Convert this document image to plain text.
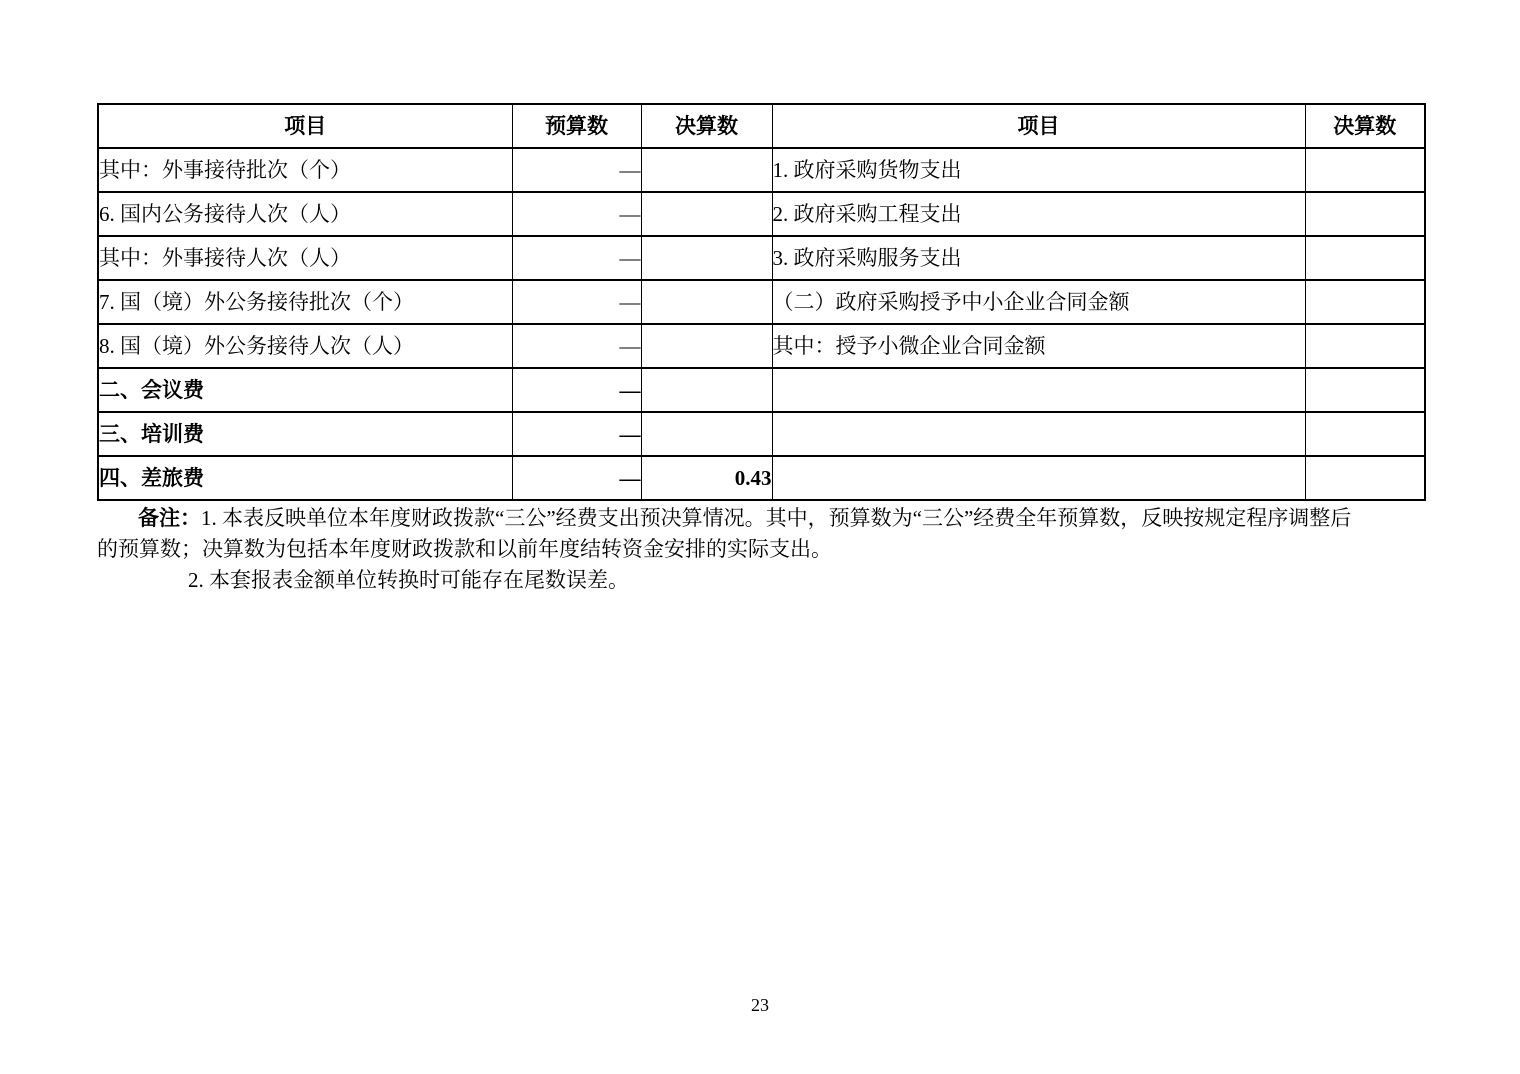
项目	预算数	决算数	项目	决算数
其中：外事接待批次（个）	—		1. 政府采购货物支出	
6. 国内公务接待人次（人）	—		2. 政府采购工程支出	
其中：外事接待人次（人）	—		3. 政府采购服务支出	
7. 国（境）外公务接待批次（个）	—		（二）政府采购授予中小企业合同金额	
8. 国（境）外公务接待人次（人）	—		其中：授予小微企业合同金额	
二、会议费	—			
三、培训费	—			
四、差旅费	—	0.43		
备注：1. 本表反映单位本年度财政拨款“三公”经费支出预决算情况。其中，预算数为“三公”经费全年预算数，反映按规定程序调整后
的预算数；决算数为包括本年度财政拨款和以前年度结转资金安排的实际支出。
2. 本套报表金额单位转换时可能存在尾数误差。
23
